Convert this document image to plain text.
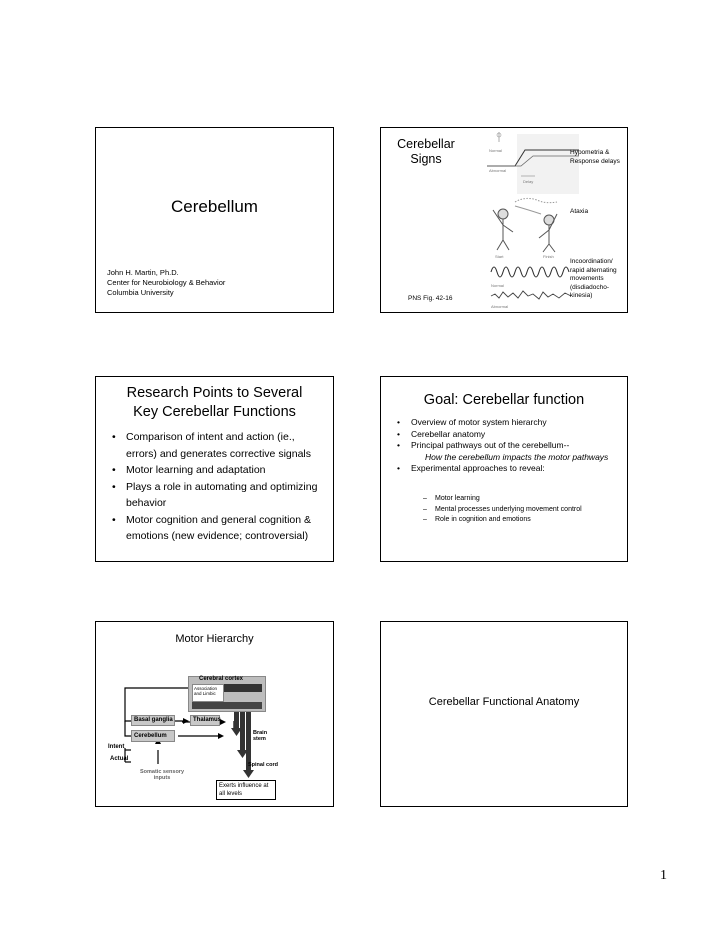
Cerebellum
John H. Martin, Ph.D.
Center for Neurobiology & Behavior
Columbia University
Cerebellar
Signs
Normal
Abnormal
Delay
Start	Finish
Normal
Abnormal
Hypometria & Response delays
Ataxia
Incoordination/ rapid alternating movements (disdiadocho-kinesia)
PNS Fig. 42-16
Research Points to Several
Key Cerebellar Functions
• Comparison of intent and action (ie., errors) and generates corrective signals
• Motor learning and adaptation
• Plays a role in automating and optimizing behavior
• Motor cognition and general cognition & emotions (new evidence; controversial)
Goal: Cerebellar function
• Overview of motor system hierarchy
• Cerebellar anatomy
• Principal pathways out of the cerebellum--
How the cerebellum impacts the motor pathways
• Experimental approaches to reveal:
– Motor learning
– Mental processes underlying movement control
– Role in cognition and emotions
Motor Hierarchy
Cerebral cortex
Association and Limbic
Basal ganglia	Thalamus
Cerebellum	Brain stem
Spinal cord
Intent
Actual
Somatic sensory inputs
Exerts influence at all levels
Cerebellar Functional Anatomy
1
